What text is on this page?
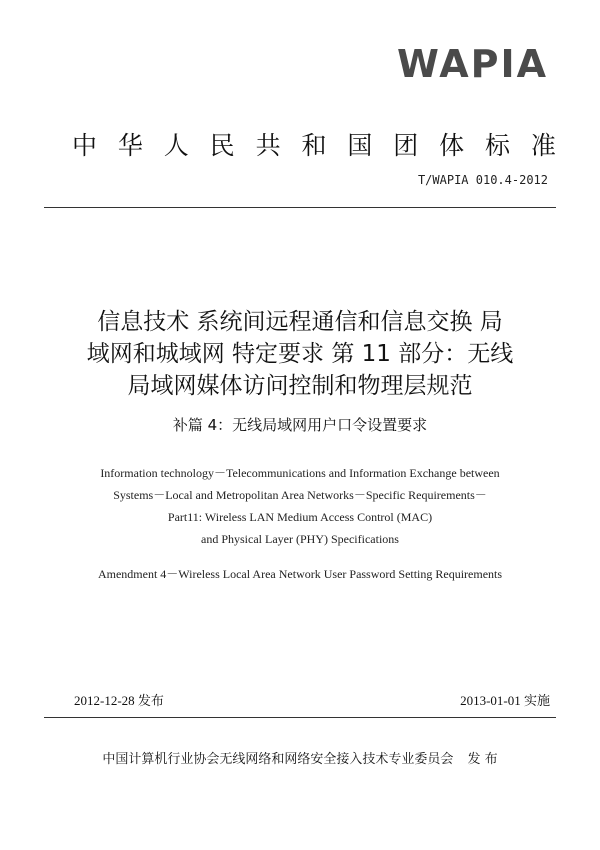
WAPIA
中 华 人 民 共 和 国 团 体 标 准
T/WAPIA 010.4-2012
信息技术 系统间远程通信和信息交换 局
域网和城域网 特定要求 第 11 部分：无线
局域网媒体访问控制和物理层规范
补篇 4：无线局域网用户口令设置要求
Information technology－Telecommunications and Information Exchange between
Systems－Local and Metropolitan Area Networks－Specific Requirements－
Part11: Wireless LAN Medium Access Control (MAC)
and Physical Layer (PHY) Specifications
Amendment 4－Wireless Local Area Network User Password Setting Requirements
2012-12-28 发布	2013-01-01 实施
中国计算机行业协会无线网络和网络安全接入技术专业委员会 发 布
